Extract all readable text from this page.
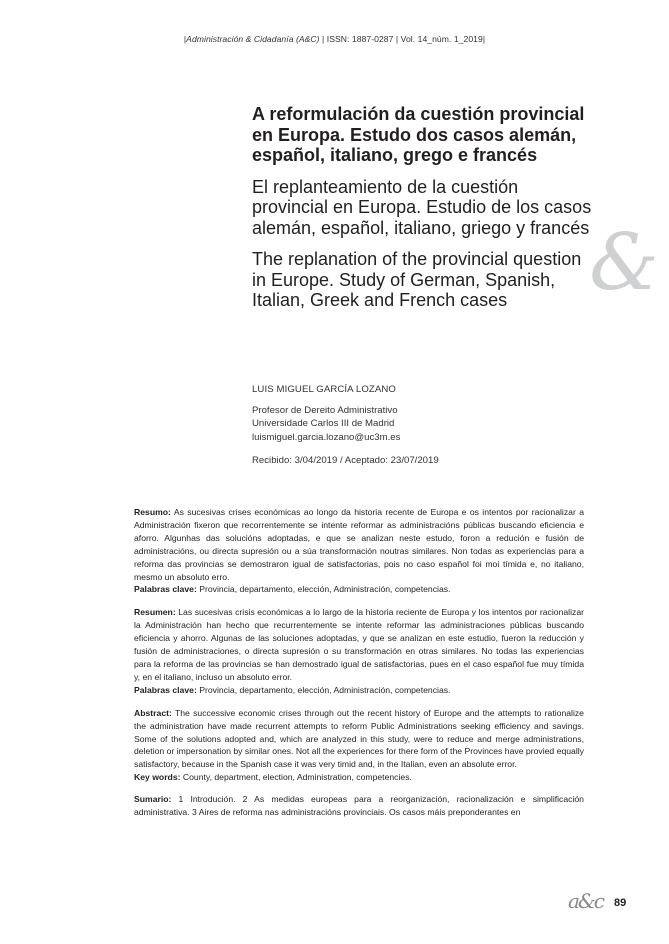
|Administración & Cidadanía (A&C) | ISSN: 1887-0287 | Vol. 14_núm. 1_2019|
&
A reformulación da cuestión provincial en Europa. Estudo dos casos alemán, español, italiano, grego e francés
El replanteamiento de la cuestión provincial en Europa. Estudio de los casos alemán, español, italiano, griego y francés
The replanation of the provincial question in Europe. Study of German, Spanish, Italian, Greek and French cases
LUIS MIGUEL GARCÍA LOZANO
Profesor de Dereito Administrativo
Universidade Carlos III de Madrid
luismiguel.garcia.lozano@uc3m.es
Recibido: 3/04/2019 / Aceptado: 23/07/2019

Resumo: As sucesivas crises económicas ao longo da historia recente de Europa e os intentos por racionalizar a Administración fixeron que recorrentemente se intente reformar as administracións públicas buscando eficiencia e aforro. Algunhas das solucións adoptadas, e que se analizan neste estudo, foron a redución e fusión de administracións, ou directa supresión ou a súa transformación noutras similares. Non todas as experiencias para a reforma das provincias se demostraron igual de satisfactorias, pois no caso español foi moi tímida e, no italiano, mesmo un absoluto erro.

Palabras clave: Provincia, departamento, elección, Administración, competencias.

Resumen: Las sucesivas crisis económicas a lo largo de la historia reciente de Europa y los intentos por racionalizar la Administración han hecho que recurrentemente se intente reformar las administraciones públicas buscando eficiencia y ahorro. Algunas de las soluciones adoptadas, y que se analizan en este estudio, fueron la reducción y fusión de administraciones, o directa supresión o su transformación en otras similares. No todas las experiencias para la reforma de las provincias se han demostrado igual de satisfactorias, pues en el caso español fue muy tímida y, en el italiano, incluso un absoluto error.

Palabras clave: Provincia, departamento, elección, Administración, competencias.

Abstract: The successive economic crises through out the recent history of Europe and the attempts to rationalize the administration have made recurrent attempts to reform Public Administrations seeking efficiency and savings. Some of the solutions adopted and, which are analyzed in this study, were to reduce and merge administrations, deletion or impersonation by similar ones. Not all the experiences for there form of the Provinces have provied equally satisfactory, because in the Spanish case it was very timid and, in the Italian, even an absolute error.

Key words: County, department, election, Administration, competencies.

Sumario: 1 Introdución. 2 As medidas europeas para a reorganización, racionalización e simplificación administrativa. 3 Aires de reforma nas administracións provinciais. Os casos máis preponderantes en

a&c 89
